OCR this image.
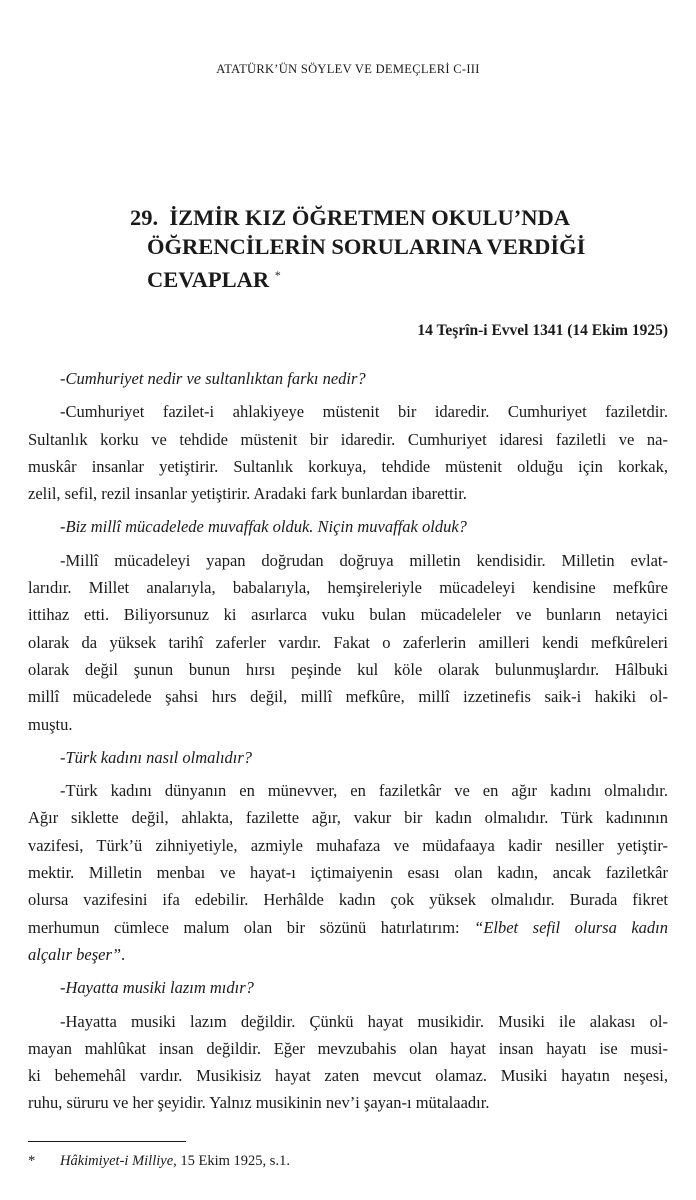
ATATÜRK’ÜN SÖYLEV VE DEMEÇLERİ C-III
29. İZMİR KIZ ÖĞRETMEN OKULU’NDA
ÖĞRENCİLERİN SORULARINA VERDİĞİ
CEVAPLAR *
14 Teşrîn-i Evvel 1341 (14 Ekim 1925)

-Cumhuriyet nedir ve sultanlıktan farkı nedir?

-Cumhuriyet fazilet-i ahlakiyeye müstenit bir idaredir. Cumhuriyet faziletdir.
Sultanlık korku ve tehdide müstenit bir idaredir. Cumhuriyet idaresi faziletli ve na-
muskâr insanlar yetiştirir. Sultanlık korkuya, tehdide müstenit olduğu için korkak,
zelil, sefil, rezil insanlar yetiştirir. Aradaki fark bunlardan ibarettir.

-Biz millî mücadelede muvaffak olduk. Niçin muvaffak olduk?

-Millî mücadeleyi yapan doğrudan doğruya milletin kendisidir. Milletin evlat-
larıdır. Millet analarıyla, babalarıyla, hemşireleriyle mücadeleyi kendisine mefkûre
ittihaz etti. Biliyorsunuz ki asırlarca vuku bulan mücadeleler ve bunların netayici
olarak da yüksek tarihî zaferler vardır. Fakat o zaferlerin amilleri kendi mefkûreleri
olarak değil şunun bunun hırsı peşinde kul köle olarak bulunmuşlardır. Hâlbuki
millî mücadelede şahsi hırs değil, millî mefkûre, millî izzetinefis saik-i hakiki ol-
muştu.

-Türk kadını nasıl olmalıdır?

-Türk kadını dünyanın en münevver, en faziletkâr ve en ağır kadını olmalıdır.
Ağır siklette değil, ahlakta, fazilette ağır, vakur bir kadın olmalıdır. Türk kadınının
vazifesi, Türk’ü zihniyetiyle, azmiyle muhafaza ve müdafaaya kadir nesiller yetiştir-
mektir. Milletin menbaı ve hayat-ı içtimaiyenin esası olan kadın, ancak faziletkâr
olursa vazifesini ifa edebilir. Herhâlde kadın çok yüksek olmalıdır. Burada fikret
merhumun cümlece malum olan bir sözünü hatırlatırım: “Elbet sefil olursa kadın
alçalır beşer”.

-Hayatta musiki lazım mıdır?

-Hayatta musiki lazım değildir. Çünkü hayat musikidir. Musiki ile alakası ol-
mayan mahlûkat insan değildir. Eğer mevzubahis olan hayat insan hayatı ise musi-
ki behemehâl vardır. Musikisiz hayat zaten mevcut olamaz. Musiki hayatın neşesi,
ruhu, süruru ve her şeyidir. Yalnız musikinin nev’i şayan-ı mütalaadır.

* Hâkimiyet-i Milliye, 15 Ekim 1925, s.1.
